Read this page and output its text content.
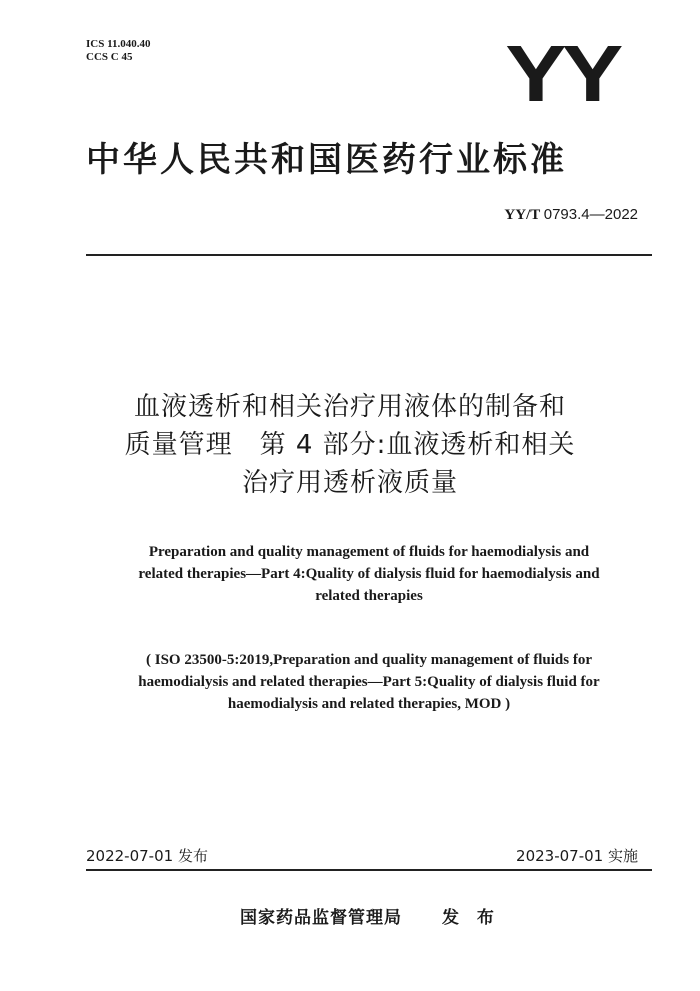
ICS 11.040.40
CCS C 45	YY
中华人民共和国医药行业标准
YY/T 0793.4—2022
血液透析和相关治疗用液体的制备和
质量管理　第 4 部分:血液透析和相关
治疗用透析液质量
Preparation and quality management of fluids for haemodialysis and
related therapies—Part 4:Quality of dialysis fluid for haemodialysis and
related therapies
( ISO 23500-5:2019,Preparation and quality management of fluids for
haemodialysis and related therapies—Part 5:Quality of dialysis fluid for
haemodialysis and related therapies, MOD )
2022-07-01 发布	2023-07-01 实施
国家药品监督管理局 发 布
